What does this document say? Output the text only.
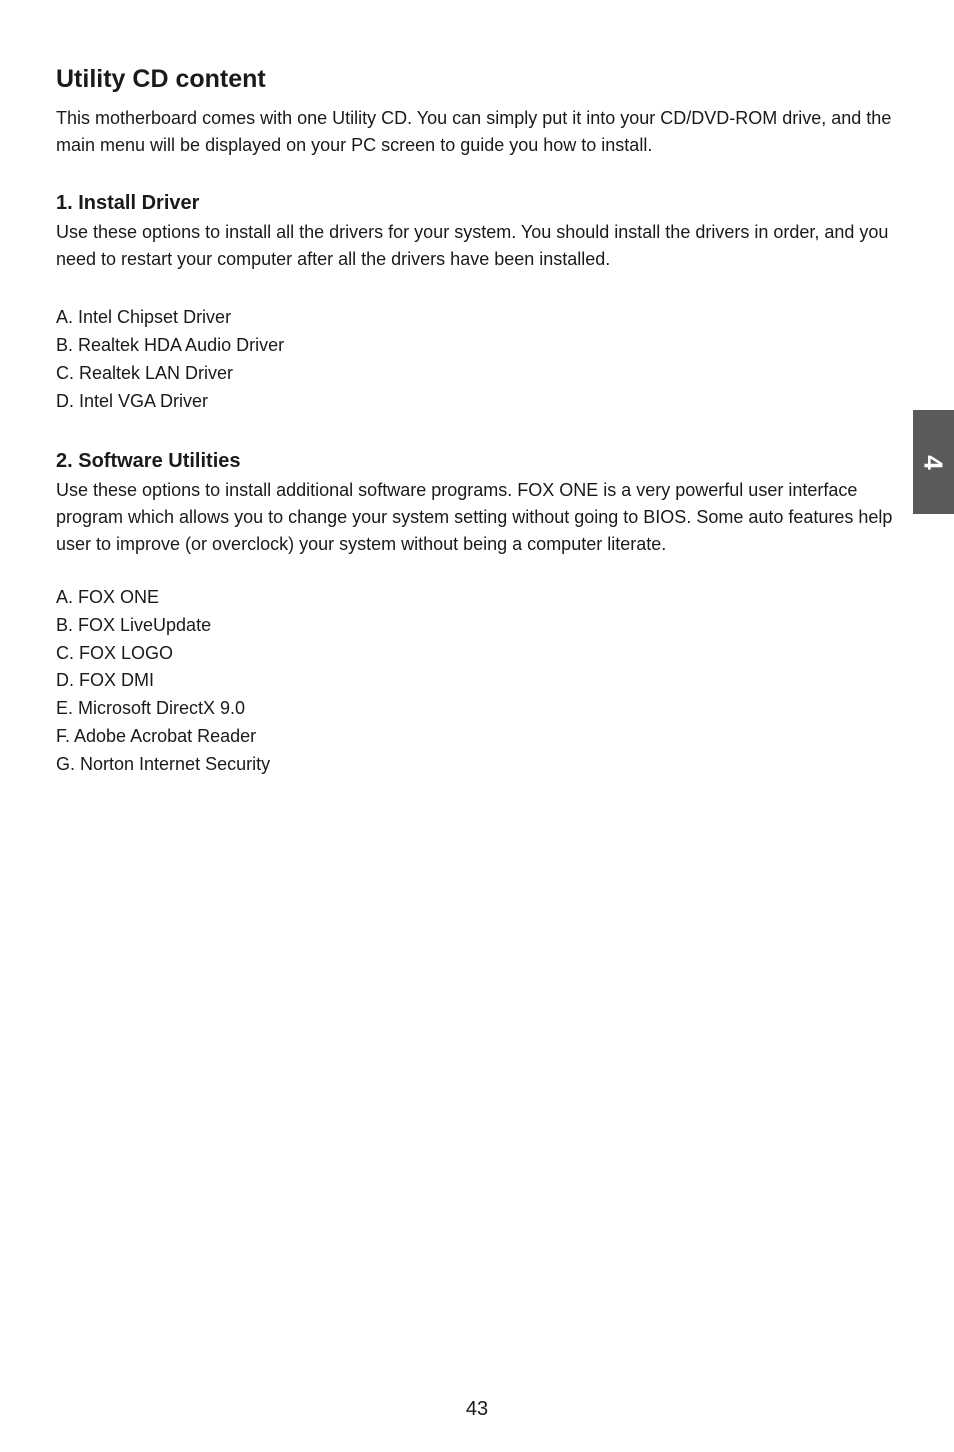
Utility CD content

This motherboard comes with one Utility CD. You can simply put it into your CD/DVD-ROM drive, and the main menu will be displayed on your PC screen to guide you how to install.

1. Install Driver

Use these options to install all the drivers for your system. You should install the drivers in order, and you need to restart your computer after all the drivers have been installed.

A. Intel Chipset Driver
B. Realtek HDA Audio Driver
C. Realtek LAN Driver
D. Intel VGA Driver
2. Software Utilities

Use these options to install additional software programs. FOX ONE is a very powerful user interface program which allows you to change your system setting without going to BIOS. Some auto features help user to improve (or overclock) your system without being a computer literate.

A. FOX ONE
B. FOX LiveUpdate
C. FOX LOGO
D. FOX DMI
E. Microsoft DirectX 9.0
F. Adobe Acrobat Reader
G. Norton Internet Security
4
43
